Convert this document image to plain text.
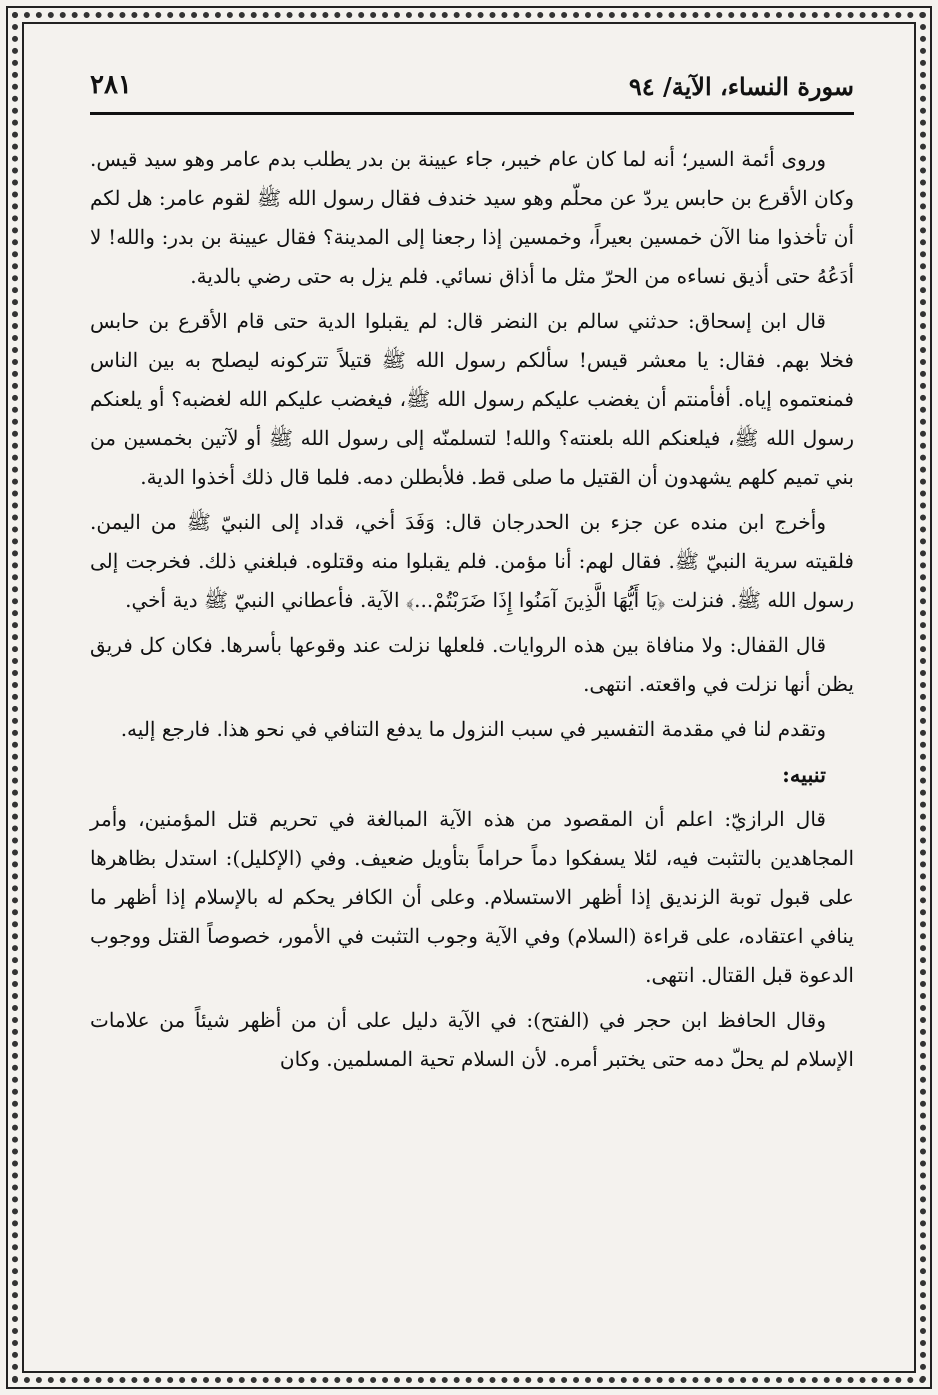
سورة النساء، الآية/ ٩٤
٢٨١

وروى أئمة السير؛ أنه لما كان عام خيبر، جاء عيينة بن بدر يطلب بدم عامر وهو سيد قيس. وكان الأقرع بن حابس يردّ عن محلّم وهو سيد خندف فقال رسول الله ﷺ لقوم عامر: هل لكم أن تأخذوا منا الآن خمسين بعيراً، وخمسين إذا رجعنا إلى المدينة؟ فقال عيينة بن بدر: والله! لا أدَعُهُ حتى أذيق نساءه من الحرّ مثل ما أذاق نسائي. فلم يزل به حتى رضي بالدية.

قال ابن إسحاق: حدثني سالم بن النضر قال: لم يقبلوا الدية حتى قام الأقرع بن حابس فخلا بهم. فقال: يا معشر قيس! سألكم رسول الله ﷺ قتيلاً تتركونه ليصلح به بين الناس فمنعتموه إياه. أفأمنتم أن يغضب عليكم رسول الله ﷺ، فيغضب عليكم الله لغضبه؟ أو يلعنكم رسول الله ﷺ، فيلعنكم الله بلعنته؟ والله! لتسلمنّه إلى رسول الله ﷺ أو لآتين بخمسين من بني تميم كلهم يشهدون أن القتيل ما صلى قط. فلأبطلن دمه. فلما قال ذلك أخذوا الدية.

وأخرج ابن منده عن جزء بن الحدرجان قال: وَفَدَ أخي، قداد إلى النبيّ ﷺ من اليمن. فلقيته سرية النبيّ ﷺ. فقال لهم: أنا مؤمن. فلم يقبلوا منه وقتلوه. فبلغني ذلك. فخرجت إلى رسول الله ﷺ. فنزلت ﴿يَا أَيُّهَا الَّذِينَ آمَنُوا إِذَا ضَرَبْتُمْ...﴾ الآية. فأعطاني النبيّ ﷺ دية أخي.

قال القفال: ولا منافاة بين هذه الروايات. فلعلها نزلت عند وقوعها بأسرها. فكان كل فريق يظن أنها نزلت في واقعته. انتهى.

وتقدم لنا في مقدمة التفسير في سبب النزول ما يدفع التنافي في نحو هذا. فارجع إليه.

تنبيه:

قال الرازيّ: اعلم أن المقصود من هذه الآية المبالغة في تحريم قتل المؤمنين، وأمر المجاهدين بالتثبت فيه، لئلا يسفكوا دماً حراماً بتأويل ضعيف. وفي (الإكليل): استدل بظاهرها على قبول توبة الزنديق إذا أظهر الاستسلام. وعلى أن الكافر يحكم له بالإسلام إذا أظهر ما ينافي اعتقاده، على قراءة (السلام) وفي الآية وجوب التثبت في الأمور، خصوصاً القتل ووجوب الدعوة قبل القتال. انتهى.

وقال الحافظ ابن حجر في (الفتح): في الآية دليل على أن من أظهر شيئاً من علامات الإسلام لم يحلّ دمه حتى يختبر أمره. لأن السلام تحية المسلمين. وكان
